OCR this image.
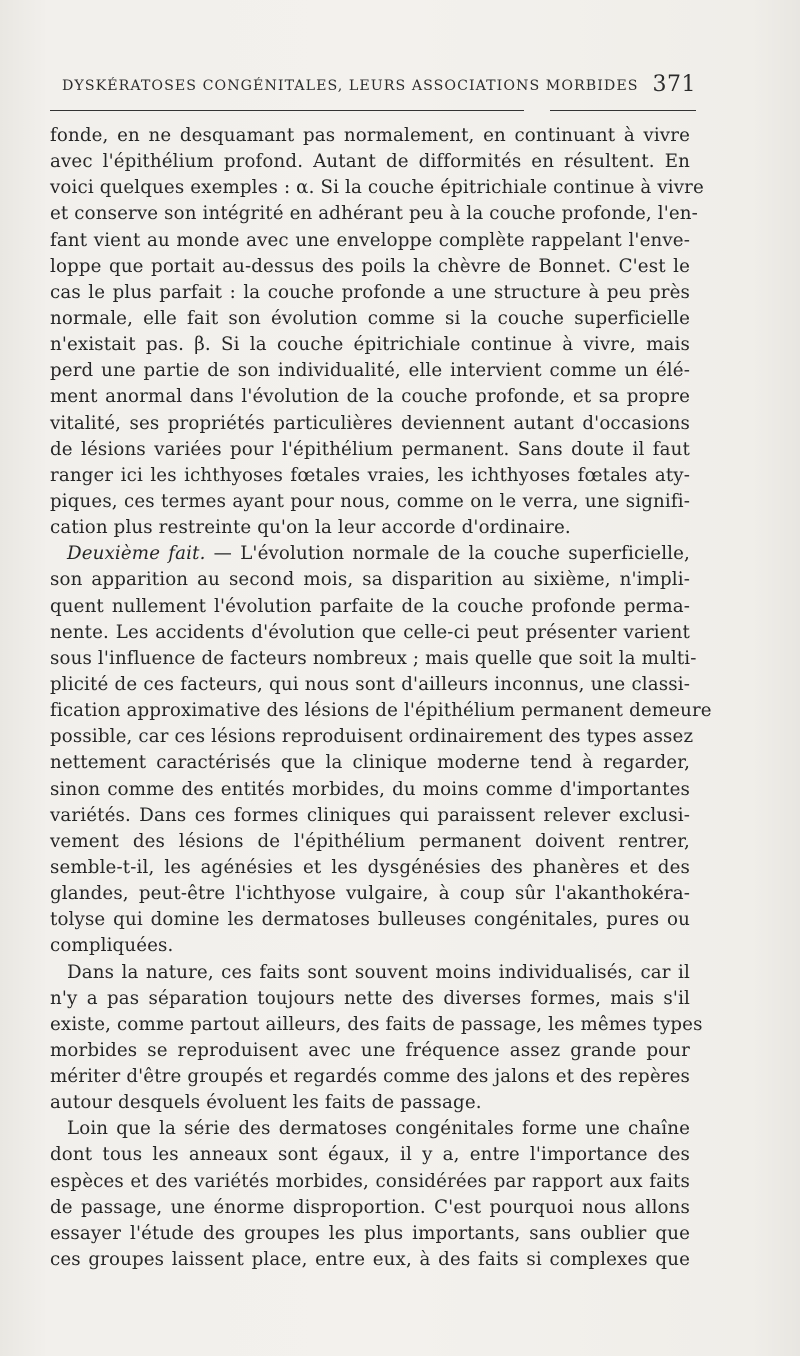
DYSKÉRATOSES CONGÉNITALES, LEURS ASSOCIATIONS MORBIDES 371
fonde, en ne desquamant pas normalement, en continuant à vivre
avec l'épithélium profond. Autant de difformités en résultent. En
voici quelques exemples : α. Si la couche épitrichiale continue à vivre
et conserve son intégrité en adhérant peu à la couche profonde, l'en-
fant vient au monde avec une enveloppe complète rappelant l'enve-
loppe que portait au-dessus des poils la chèvre de Bonnet. C'est le
cas le plus parfait : la couche profonde a une structure à peu près
normale, elle fait son évolution comme si la couche superficielle
n'existait pas. β. Si la couche épitrichiale continue à vivre, mais
perd une partie de son individualité, elle intervient comme un élé-
ment anormal dans l'évolution de la couche profonde, et sa propre
vitalité, ses propriétés particulières deviennent autant d'occasions
de lésions variées pour l'épithélium permanent. Sans doute il faut
ranger ici les ichthyoses fœtales vraies, les ichthyoses fœtales aty-
piques, ces termes ayant pour nous, comme on le verra, une signifi-
cation plus restreinte qu'on la leur accorde d'ordinaire.
Deuxième fait. — L'évolution normale de la couche superficielle,
son apparition au second mois, sa disparition au sixième, n'impli-
quent nullement l'évolution parfaite de la couche profonde perma-
nente. Les accidents d'évolution que celle-ci peut présenter varient
sous l'influence de facteurs nombreux ; mais quelle que soit la multi-
plicité de ces facteurs, qui nous sont d'ailleurs inconnus, une classi-
fication approximative des lésions de l'épithélium permanent demeure
possible, car ces lésions reproduisent ordinairement des types assez
nettement caractérisés que la clinique moderne tend à regarder,
sinon comme des entités morbides, du moins comme d'importantes
variétés. Dans ces formes cliniques qui paraissent relever exclusi-
vement des lésions de l'épithélium permanent doivent rentrer,
semble-t-il, les agénésies et les dysgénésies des phanères et des
glandes, peut-être l'ichthyose vulgaire, à coup sûr l'akanthokéra-
tolyse qui domine les dermatoses bulleuses congénitales, pures ou
compliquées.
Dans la nature, ces faits sont souvent moins individualisés, car il
n'y a pas séparation toujours nette des diverses formes, mais s'il
existe, comme partout ailleurs, des faits de passage, les mêmes types
morbides se reproduisent avec une fréquence assez grande pour
mériter d'être groupés et regardés comme des jalons et des repères
autour desquels évoluent les faits de passage.
Loin que la série des dermatoses congénitales forme une chaîne
dont tous les anneaux sont égaux, il y a, entre l'importance des
espèces et des variétés morbides, considérées par rapport aux faits
de passage, une énorme disproportion. C'est pourquoi nous allons
essayer l'étude des groupes les plus importants, sans oublier que
ces groupes laissent place, entre eux, à des faits si complexes que
